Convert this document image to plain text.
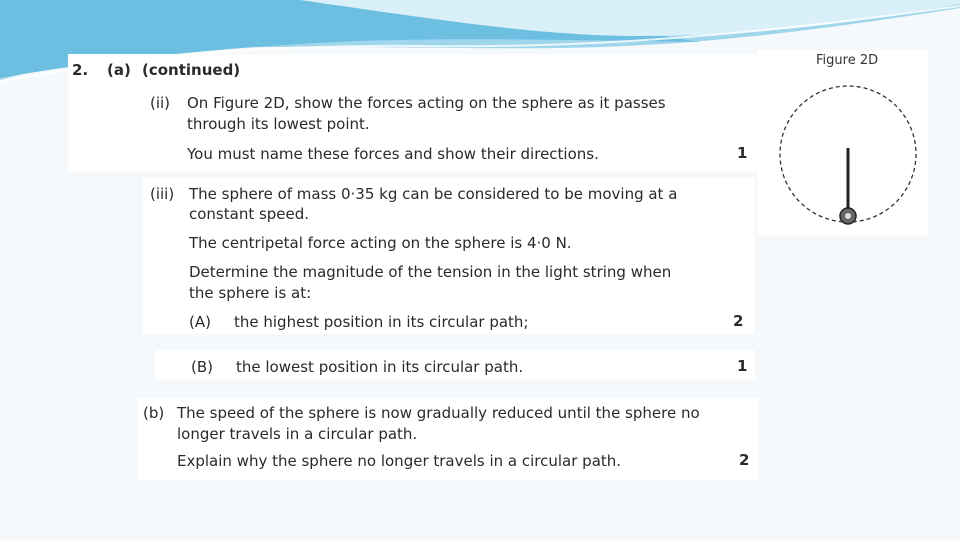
2. (a) (continued)
(ii) On Figure 2D, show the forces acting on the sphere as it passes
through its lowest point.
You must name these forces and show their directions.	1
(iii) The sphere of mass 0·35 kg can be considered to be moving at a
constant speed.
The centripetal force acting on the sphere is 4·0 N.
Determine the magnitude of the tension in the light string when
the sphere is at:
(A) the highest position in its circular path;	2
(B) the lowest position in its circular path.	1
(b) The speed of the sphere is now gradually reduced until the sphere no
longer travels in a circular path.
Explain why the sphere no longer travels in a circular path.	2
Figure 2D
